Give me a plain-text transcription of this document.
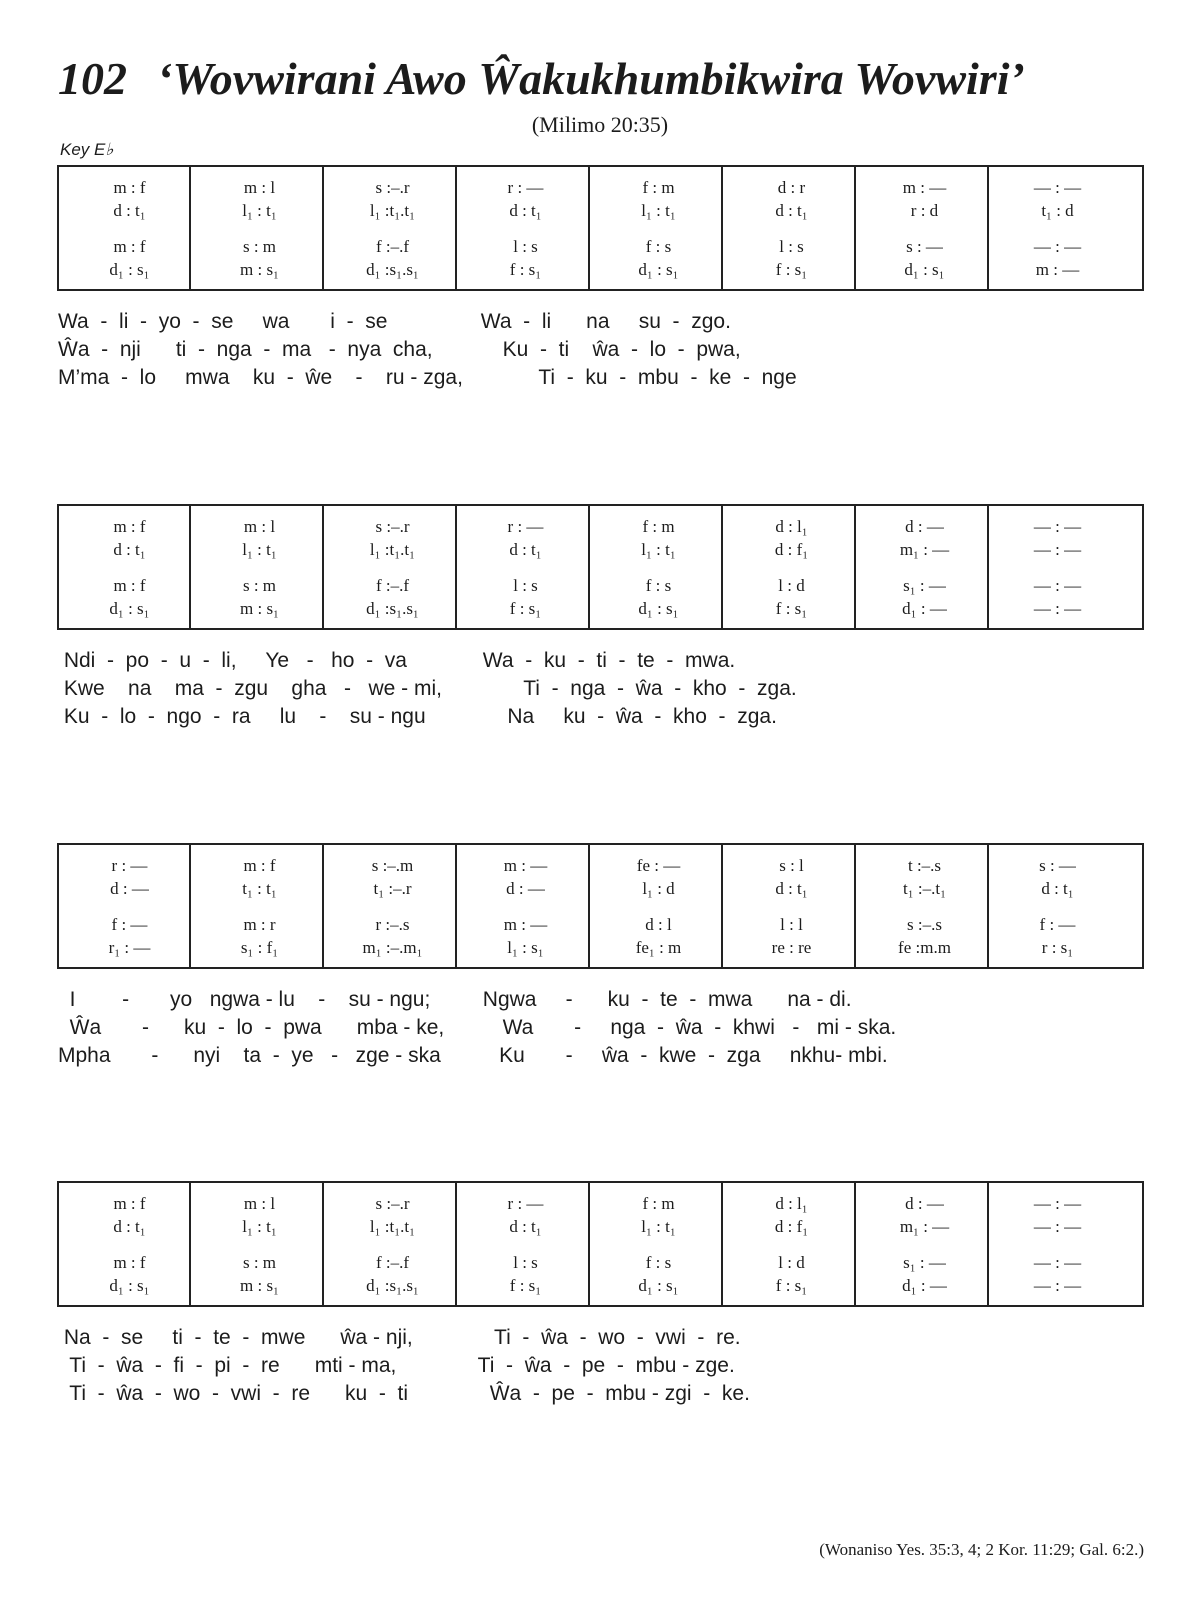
102 ‘Wovwirani Awo Ŵakukhumbikwira Wovwiri’
(Milimo 20:35)
Key E♭
m : f	m : l	s :–.r	r : —	f : m	d : r	m : —	— : —
d : t₁	l₁ : t₁	l₁ :t₁.t₁	d : t₁	l₁ : t₁	d : t₁	r : d	t₁ : d
m : f	s : m	f :–.f	l : s	f : s	l : s	s : —	— : —
d₁ : s₁	m : s₁	d₁ :s₁.s₁	f : s₁	d₁ : s₁	f : s₁	d₁ : s₁	m : —
Wa  -  li  -  yo  -  se     wa       i  -  se                Wa  -  li      na     su  -  zgo.
Ŵa  -  nji      ti  -  nga  -  ma   -  nya  cha,            Ku  -  ti    ŵa  -  lo  -  pwa,
M’ma  -  lo     mwa    ku  -  ŵe    -    ru - zga,             Ti  -  ku  -  mbu  -  ke  -  nge
m : f	m : l	s :–.r	r : —	f : m	d : l₁	d : —	— : —
d : t₁	l₁ : t₁	l₁ :t₁.t₁	d : t₁	l₁ : t₁	d : f₁	m₁ : —	— : —
m : f	s : m	f :–.f	l : s	f : s	l : d	s₁ : —	— : —
d₁ : s₁	m : s₁	d₁ :s₁.s₁	f : s₁	d₁ : s₁	f : s₁	d₁ : —	— : —
Ndi  -  po  -  u  -  li,     Ye   -   ho  -  va             Wa  -  ku  -  ti  -  te  -  mwa.
Kwe    na    ma  -  zgu    gha   -   we - mi,              Ti  -  nga  -  ŵa  -  kho  -  zga.
Ku  -  lo  -  ngo  -  ra     lu    -    su - ngu              Na     ku  -  ŵa  -  kho  -  zga.
r : —	m : f	s :–.m	m : —	fe : —	s : l	t :–.s	s : —
d : —	t₁ : t₁	t₁ :–.r	d : —	l₁ : d	d : t₁	t₁ :–.t₁	d : t₁
f : —	m : r	r :–.s	m : —	d : l	l : l	s :–.s	f : —
r₁ : —	s₁ : f₁	m₁ :–.m₁	l₁ : s₁	fe₁ : m	re : re	fe :m.m	r : s₁
I        -       yo   ngwa - lu    -    su - ngu;         Ngwa     -      ku  -  te  -  mwa      na - di.
Ŵa       -      ku  -  lo  -  pwa      mba - ke,          Wa       -     nga  -  ŵa  -  khwi   -   mi - ska.
Mpha       -      nyi    ta  -  ye   -   zge - ska          Ku       -     ŵa  -  kwe  -  zga     nkhu- mbi.
m : f	m : l	s :–.r	r : —	f : m	d : l₁	d : —	— : —
d : t₁	l₁ : t₁	l₁ :t₁.t₁	d : t₁	l₁ : t₁	d : f₁	m₁ : —	— : —
m : f	s : m	f :–.f	l : s	f : s	l : d	s₁ : —	— : —
d₁ : s₁	m : s₁	d₁ :s₁.s₁	f : s₁	d₁ : s₁	f : s₁	d₁ : —	— : —
Na  -  se     ti  -  te  -  mwe      ŵa - nji,              Ti  -  ŵa  -  wo  -  vwi  -  re.
Ti  -  ŵa  -  fi  -  pi  -  re      mti - ma,              Ti  -  ŵa  -  pe  -  mbu - zge.
Ti  -  ŵa  -  wo  -  vwi  -  re      ku  -  ti              Ŵa  -  pe  -  mbu - zgi  -  ke.
(Wonaniso Yes. 35:3, 4; 2 Kor. 11:29; Gal. 6:2.)
